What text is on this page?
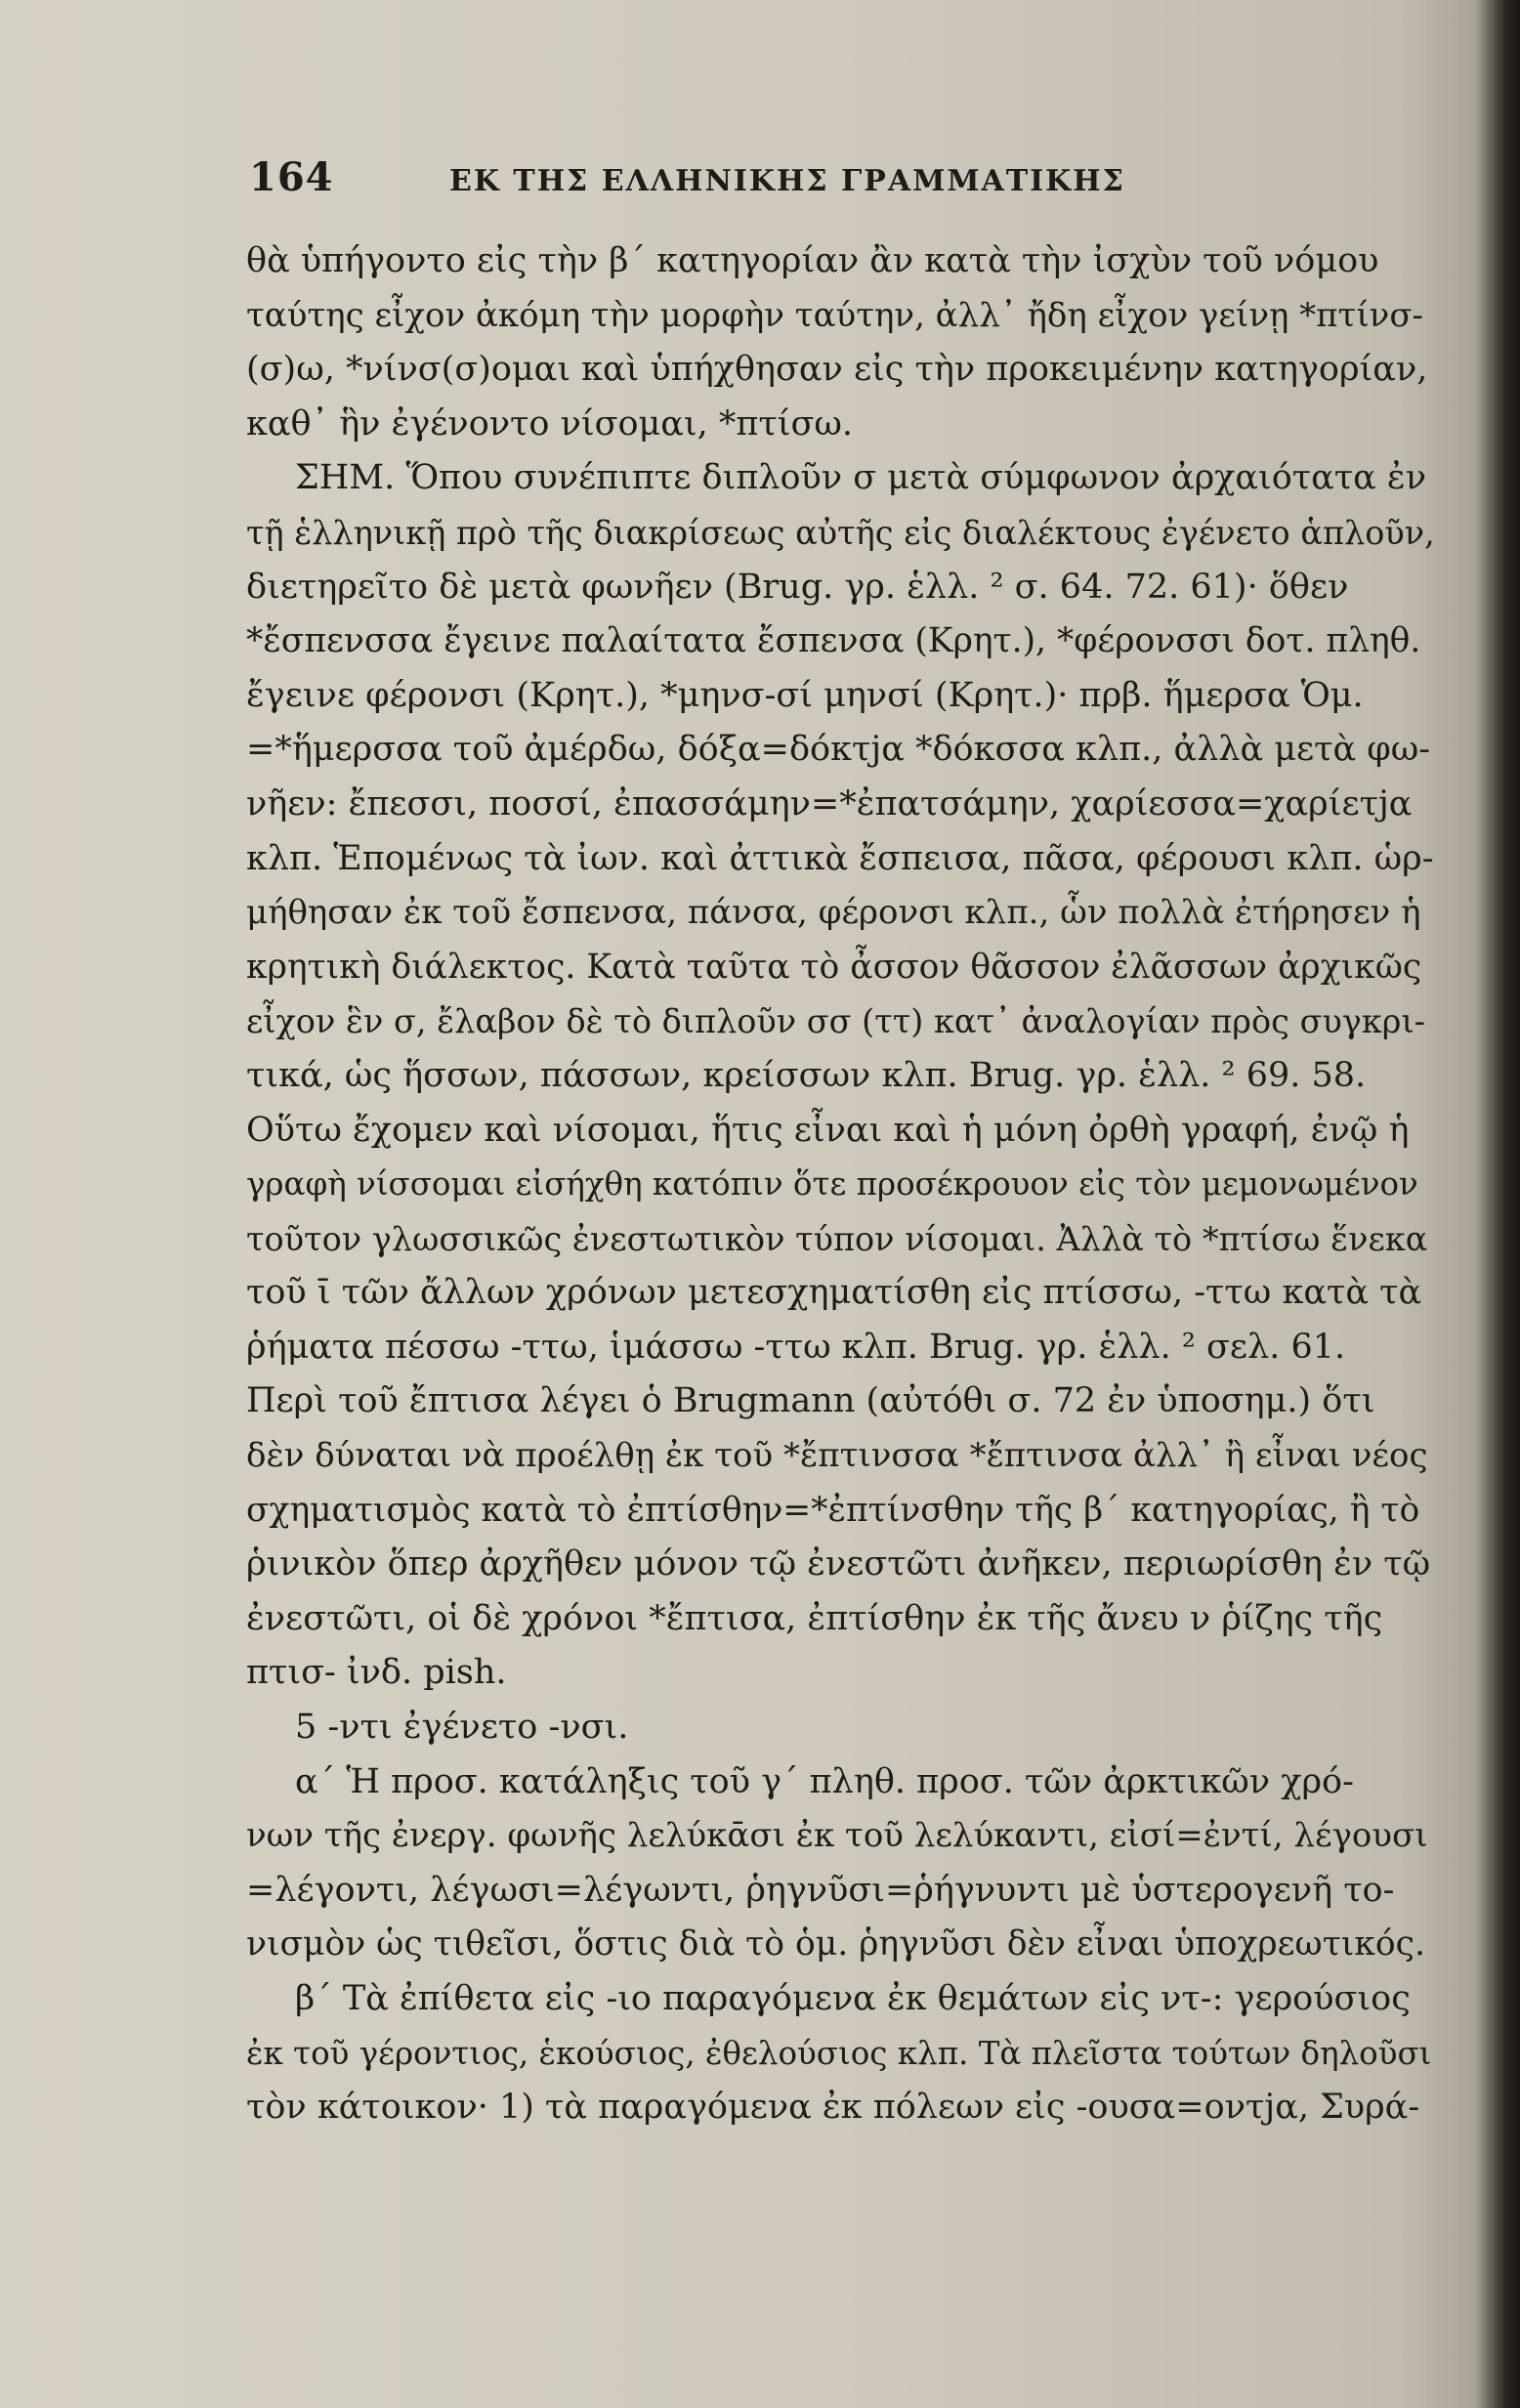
164	ΕΚ ΤΗΣ ΕΛΛΗΝΙΚΗΣ ΓΡΑΜΜΑΤΙΚΗΣ
θὰ ὑπήγοντο εἰς τὴν β΄ κατηγορίαν ἂν κατὰ τὴν ἰσχὺν τοῦ νόμου
ταύτης εἶχον ἀκόμη τὴν μορφὴν ταύτην, ἀλλ᾽ ἤδη εἶχον γείνῃ *πτίνσ-
(σ)ω, *νίνσ(σ)ομαι καὶ ὑπήχθησαν εἰς τὴν προκειμένην κατηγορίαν,
καθ᾽ ἣν ἐγένοντο νίσομαι, *πτίσω.
ΣΗΜ. Ὅπου συνέπιπτε διπλοῦν σ μετὰ σύμφωνον ἀρχαιότατα ἐν
τῇ ἑλληνικῇ πρὸ τῆς διακρίσεως αὐτῆς εἰς διαλέκτους ἐγένετο ἁπλοῦν,
διετηρεῖτο δὲ μετὰ φωνῆεν (Brug. γρ. ἑλλ. ² σ. 64. 72. 61)· ὅθεν
*ἔσπενσσα ἔγεινε παλαίτατα ἔσπενσα (Κρητ.), *φέρονσσι δοτ. πληθ.
ἔγεινε φέρονσι (Κρητ.), *μηνσ-σί μηνσί (Κρητ.)· πρβ. ἥμερσα Ὁμ.
=*ἥμερσσα τοῦ ἀμέρδω, δόξα=δόκτϳα *δόκσσα κλπ., ἀλλὰ μετὰ φω-
νῆεν: ἔπεσσι, ποσσί, ἐπασσάμην=*ἐπατσάμην, χαρίεσσα=χαρίετϳα
κλπ. Ἑπομένως τὰ ἰων. καὶ ἀττικὰ ἔσπεισα, πᾶσα, φέρουσι κλπ. ὡρ-
μήθησαν ἐκ τοῦ ἔσπενσα, πάνσα, φέρονσι κλπ., ὧν πολλὰ ἐτήρησεν ἡ
κρητικὴ διάλεκτος. Κατὰ ταῦτα τὸ ἆσσον θᾶσσον ἐλᾶσσων ἀρχικῶς
εἶχον ἓν σ, ἔλαβον δὲ τὸ διπλοῦν σσ (ττ) κατ᾽ ἀναλογίαν πρὸς συγκρι-
τικά, ὡς ἥσσων, πάσσων, κρείσσων κλπ. Brug. γρ. ἑλλ. ² 69. 58.
Οὕτω ἔχομεν καὶ νίσομαι, ἥτις εἶναι καὶ ἡ μόνη ὀρθὴ γραφή, ἐνῷ ἡ
γραφὴ νίσσομαι εἰσήχθη κατόπιν ὅτε προσέκρουον εἰς τὸν μεμονωμένον
τοῦτον γλωσσικῶς ἐνεστωτικὸν τύπον νίσομαι. Ἀλλὰ τὸ *πτίσω ἕνεκα
τοῦ ῑ τῶν ἄλλων χρόνων μετεσχηματίσθη εἰς πτίσσω, -ττω κατὰ τὰ
ῥήματα πέσσω -ττω, ἱμάσσω -ττω κλπ. Brug. γρ. ἑλλ. ² σελ. 61.
Περὶ τοῦ ἔπτισα λέγει ὁ Brugmann (αὐτόθι σ. 72 ἐν ὑποσημ.) ὅτι
δὲν δύναται νὰ προέλθῃ ἐκ τοῦ *ἔπτινσσα *ἔπτινσα ἀλλ᾽ ἢ εἶναι νέος
σχηματισμὸς κατὰ τὸ ἐπτίσθην=*ἐπτίνσθην τῆς β΄ κατηγορίας, ἢ τὸ
ῥινικὸν ὅπερ ἀρχῆθεν μόνον τῷ ἐνεστῶτι ἀνῆκεν, περιωρίσθη ἐν τῷ
ἐνεστῶτι, οἱ δὲ χρόνοι *ἔπτισα, ἐπτίσθην ἐκ τῆς ἄνευ ν ῥίζης τῆς
πτισ- ἰνδ. pish.
5 -ντι ἐγένετο -νσι.
α΄ Ἡ προσ. κατάληξις τοῦ γ΄ πληθ. προσ. τῶν ἀρκτικῶν χρό-
νων τῆς ἐνεργ. φωνῆς λελύκᾱσι ἐκ τοῦ λελύκαντι, εἰσί=ἐντί, λέγουσι
=λέγοντι, λέγωσι=λέγωντι, ῥηγνῦσι=ῥήγνυντι μὲ ὑστερογενῆ το-
νισμὸν ὡς τιθεῖσι, ὅστις διὰ τὸ ὁμ. ῥηγνῦσι δὲν εἶναι ὑποχρεωτικός.
β΄ Τὰ ἐπίθετα εἰς -ιο παραγόμενα ἐκ θεμάτων εἰς ντ-: γερούσιος
ἐκ τοῦ γέροντιος, ἑκούσιος, ἐθελούσιος κλπ. Τὰ πλεῖστα τούτων δηλοῦσι
τὸν κάτοικον· 1) τὰ παραγόμενα ἐκ πόλεων εἰς -ουσα=οντϳα, Συρά-
